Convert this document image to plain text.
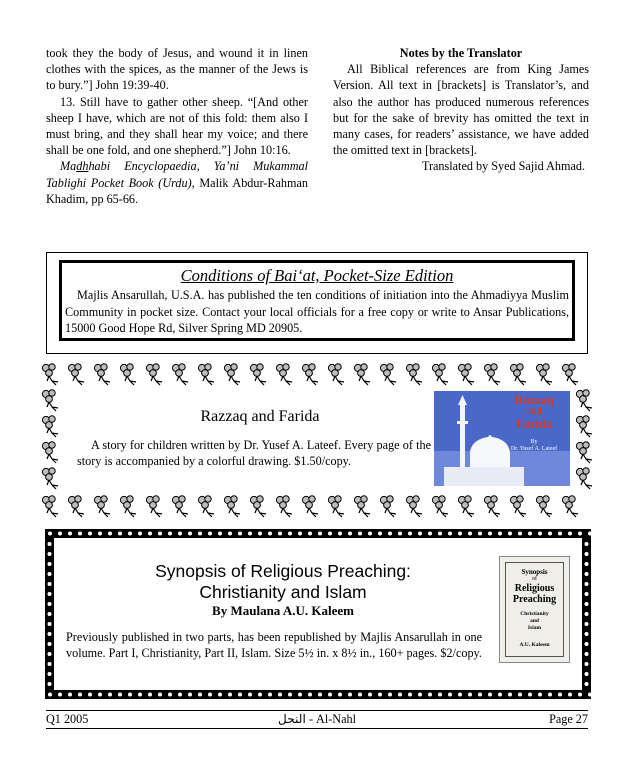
took they the body of Jesus, and wound it in linen clothes with the spices, as the manner of the Jews is to bury.”] John 19:39-40.

13. Still have to gather other sheep. “[And other sheep I have, which are not of this fold: them also I must bring, and they shall hear my voice; and there shall be one fold, and one shepherd.”] John 10:16.

Madhhabi Encyclopaedia, Ya’ni Mukammal Tablighi Pocket Book (Urdu), Malik Abdur-Rahman Khadim, pp 65-66.

Notes by the Translator

All Biblical references are from King James Version. All text in [brackets] is Translator’s, and also the author has produced numerous references but for the sake of brevity has omitted the text in many cases, for readers’ assistance, we have added the omitted text in [brackets].

Translated by Syed Sajid Ahmad.

Conditions of Bai‘at, Pocket-Size Edition
Majlis Ansarullah, U.S.A. has published the ten conditions of initiation into the Ahmadiyya Muslim Community in pocket size. Contact your local officials for a free copy or write to Ansar Publications, 15000 Good Hope Rd, Silver Spring MD 20905.
Razzaq and Farida
A story for children written by Dr. Yusef A. Lateef. Every page of the story is accompanied by a colorful drawing. $1.50/copy.
Razzaq
and
Farida
By
Dr. Yusef A. Lateef
Synopsis of Religious Preaching:
Christianity and Islam
By Maulana A.U. Kaleem
Previously published in two parts, has been republished by Majlis Ansarullah in one volume. Part I, Christianity, Part II, Islam. Size 5½ in. x 8½ in., 160+ pages. $2/copy.
Synopsis
of
Religious
Preaching
Christianity
and
Islam
A.U. Kaleem
Q1 2005	النحل - Al-Nahl	Page 27
